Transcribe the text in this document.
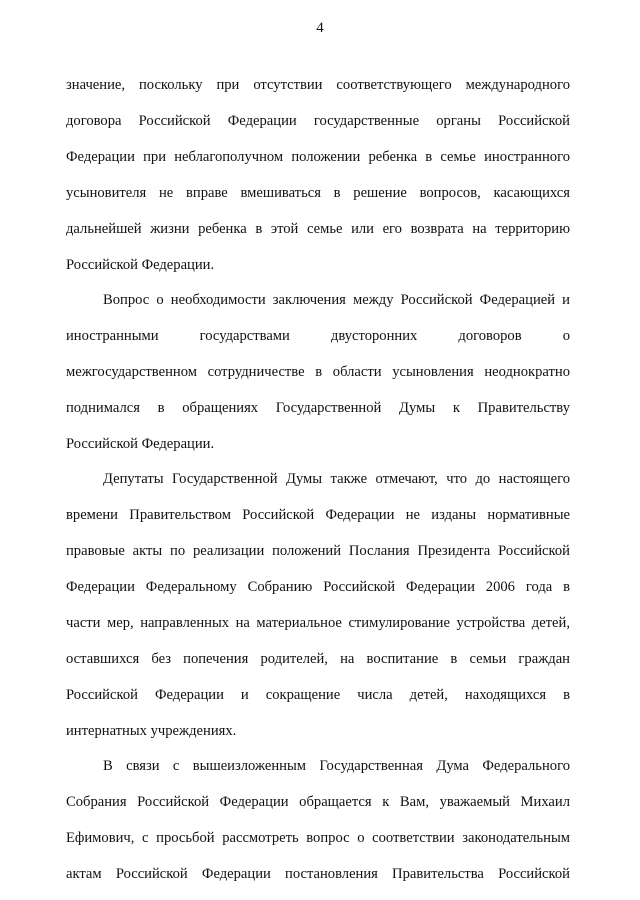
4
значение, поскольку при отсутствии соответствующего международного
договора Российской Федерации государственные органы Российской
Федерации при неблагополучном положении ребенка в семье иностранного
усыновителя не вправе вмешиваться в решение вопросов, касающихся
дальнейшей жизни ребенка в этой семье или его возврата на территорию
Российской Федерации.
Вопрос о необходимости заключения между Российской Федерацией и
иностранными государствами двусторонних договоров о
межгосударственном сотрудничестве в области усыновления неоднократно
поднимался в обращениях Государственной Думы к Правительству
Российской Федерации.
Депутаты Государственной Думы также отмечают, что до настоящего
времени Правительством Российской Федерации не изданы нормативные
правовые акты по реализации положений Послания Президента Российской
Федерации Федеральному Собранию Российской Федерации 2006 года в
части мер, направленных на материальное стимулирование устройства детей,
оставшихся без попечения родителей, на воспитание в семьи граждан
Российской Федерации и сокращение числа детей, находящихся в
интернатных учреждениях.
В связи с вышеизложенным Государственная Дума Федерального
Собрания Российской Федерации обращается к Вам, уважаемый Михаил
Ефимович, с просьбой рассмотреть вопрос о соответствии законодательным
актам Российской Федерации постановления Правительства Российской
